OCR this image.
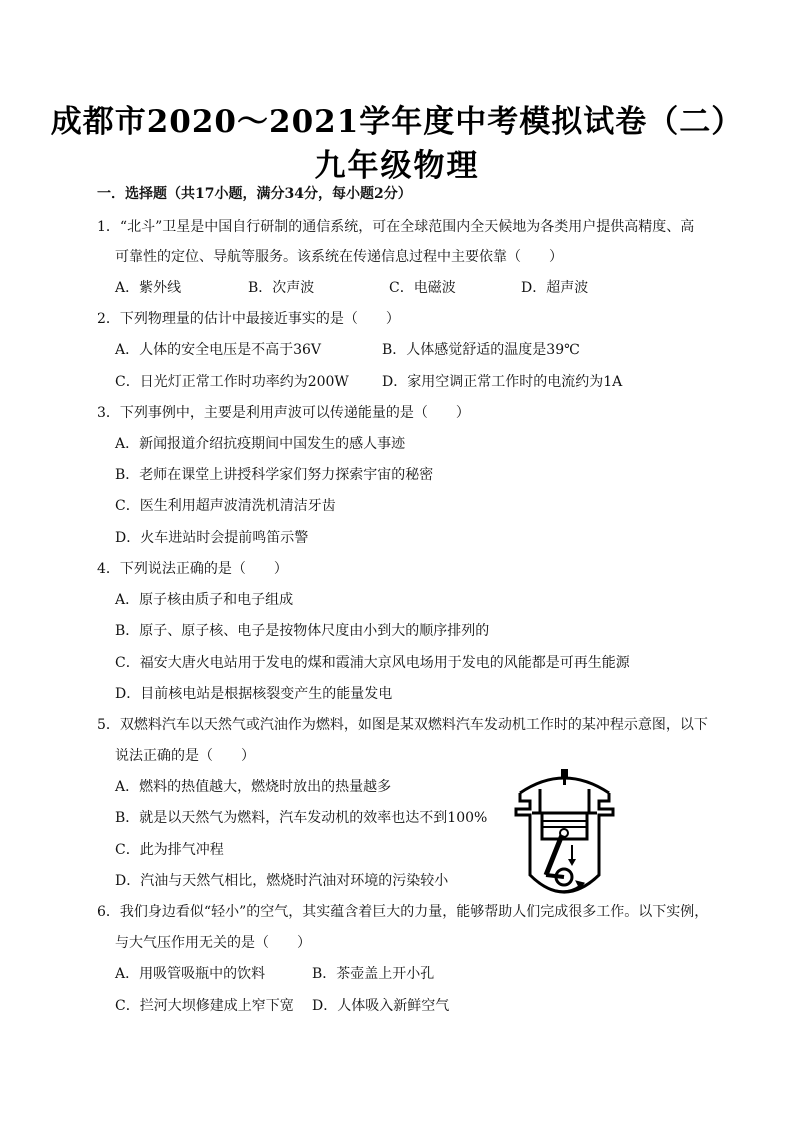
成都市2020～2021学年度中考模拟试卷（二）
九年级物理
一．选择题（共17小题，满分34分，每小题2分）
1．“北斗”卫星是中国自行研制的通信系统，可在全球范围内全天候地为各类用户提供高精度、高
可靠性的定位、导航等服务。该系统在传递信息过程中主要依靠（　　）
A．紫外线	B．次声波	C．电磁波	D．超声波
2．下列物理量的估计中最接近事实的是（　　）
A．人体的安全电压是不高于36V	B．人体感觉舒适的温度是39℃
C．日光灯正常工作时功率约为200W D．家用空调正常工作时的电流约为1A
3．下列事例中，主要是利用声波可以传递能量的是（　　）
A．新闻报道介绍抗疫期间中国发生的感人事迹
B．老师在课堂上讲授科学家们努力探索宇宙的秘密
C．医生利用超声波清洗机清洁牙齿
D．火车进站时会提前鸣笛示警
4．下列说法正确的是（　　）
A．原子核由质子和电子组成
B．原子、原子核、电子是按物体尺度由小到大的顺序排列的
C．福安大唐火电站用于发电的煤和霞浦大京风电场用于发电的风能都是可再生能源
D．目前核电站是根据核裂变产生的能量发电
5．双燃料汽车以天然气或汽油作为燃料，如图是某双燃料汽车发动机工作时的某冲程示意图，以下
说法正确的是（　　）
A．燃料的热值越大，燃烧时放出的热量越多
B．就是以天然气为燃料，汽车发动机的效率也达不到100%
C．此为排气冲程
D．汽油与天然气相比，燃烧时汽油对环境的污染较小
6．我们身边看似“轻小”的空气，其实蕴含着巨大的力量，能够帮助人们完成很多工作。以下实例，
与大气压作用无关的是（　　）
A．用吸管吸瓶中的饮料	B．茶壶盖上开小孔
C．拦河大坝修建成上窄下宽 D．人体吸入新鲜空气
